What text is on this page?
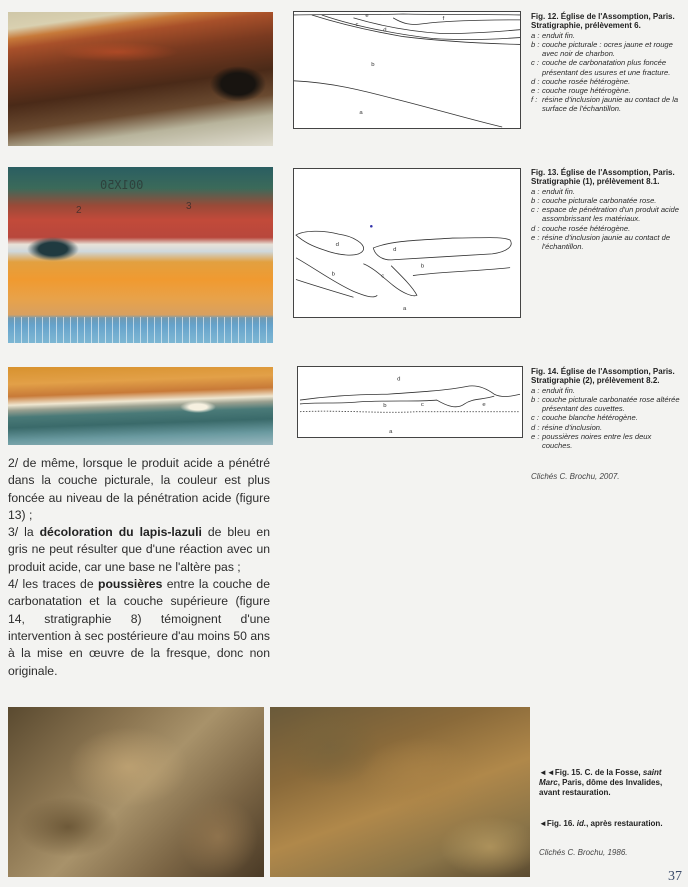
b
a
c
d
e	f	Fig. 12. Église de l'Assomption, Paris. Stratigraphie, prélèvement 6.
a : enduit fin.
b : couche picturale : ocres jaune et rouge avec noir de charbon.
c : couche de carbonatation plus foncée présentant des usures et une fracture.
d : couche rosée hétérogène.
e : couche rouge hétérogène.
f : résine d'inclusion jaunie au contact de la surface de l'échantillon.
001X50
2	3
d
d
b	c
b
a
Fig. 13. Église de l'Assomption, Paris. Stratigraphie (1), prélèvement 8.1.
a : enduit fin.
b : couche picturale carbonatée rose.
c : espace de pénétration d'un produit acide assombrissant les matériaux.
d : couche rosée hétérogène.
e : résine d'inclusion jaunie au contact de l'échantillon.
d
b	c	e
a
Fig. 14. Église de l'Assomption, Paris. Stratigraphie (2), prélèvement 8.2.
a : enduit fin.
b : couche picturale carbonatée rose altérée présentant des cuvettes.
c : couche blanche hétérogène.
d : résine d'inclusion.
e : poussières noires entre les deux couches.
Clichés C. Brochu, 2007.

2/ de même, lorsque le produit acide a pénétré dans la couche picturale, la couleur est plus foncée au niveau de la pénétration acide (figure 13) ;

3/ la décoloration du lapis-lazuli de bleu en gris ne peut résulter que d'une réaction avec un produit acide, car une base ne l'altère pas ;

4/ les traces de poussières entre la couche de carbonatation et la couche supérieure (figure 14, stratigraphie 8) témoignent d'une intervention à sec postérieure d'au moins 50 ans à la mise en œuvre de la fresque, donc non originale.

◄◄Fig. 15. C. de la Fosse, saint Marc, Paris, dôme des Invalides, avant restauration.
◄Fig. 16. id., après restauration.
Clichés C. Brochu, 1986.
37
